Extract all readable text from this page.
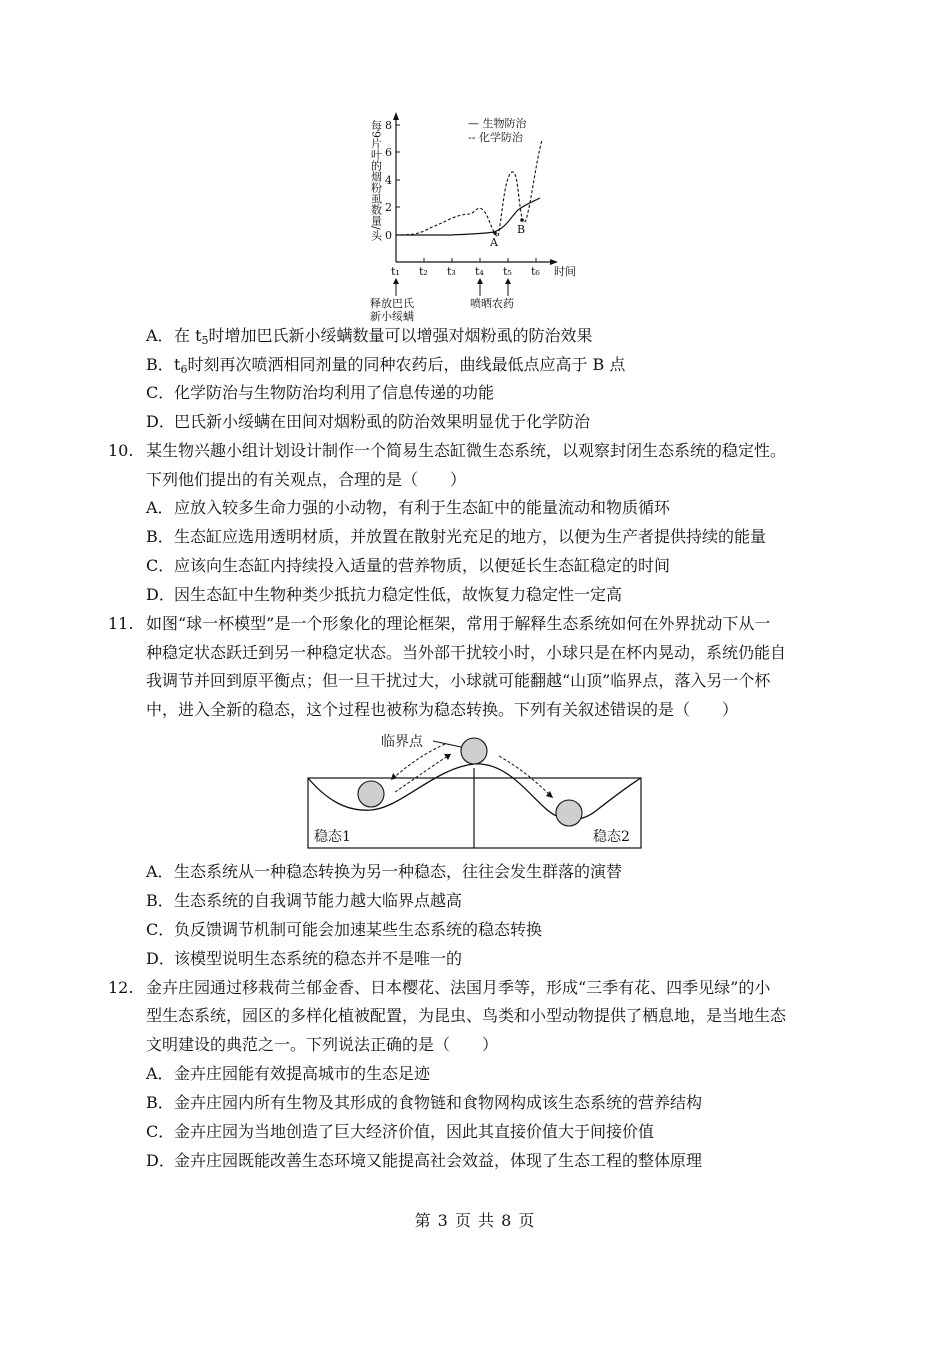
每9片叶的烟粉虱数量/头 0
2
4
6
8
t₁ t₂ t₃ t₄ t₅ t₆ 时间
— 生物防治
-- 化学防治
A
B
释放巴氏
新小绥螨
喷晒农药
A．在 $t_5$时增加巴氏新小绥螨数量可以增强对烟粉虱的防治效果
B．$t_6$时刻再次喷洒相同剂量的同种农药后，曲线最低点应高于 B 点
C．化学防治与生物防治均利用了信息传递的功能
D．巴氏新小绥螨在田间对烟粉虱的防治效果明显优于化学防治
10. 某生物兴趣小组计划设计制作一个简易生态缸微生态系统，以观察封闭生态系统的稳定性。
下列他们提出的有关观点，合理的是（　　）
A．应放入较多生命力强的小动物，有利于生态缸中的能量流动和物质循环
B．生态缸应选用透明材质，并放置在散射光充足的地方，以便为生产者提供持续的能量
C．应该向生态缸内持续投入适量的营养物质，以便延长生态缸稳定的时间
D．因生态缸中生物种类少抵抗力稳定性低，故恢复力稳定性一定高
11. 如图“球一杯模型”是一个形象化的理论框架，常用于解释生态系统如何在外界扰动下从一
种稳定状态跃迁到另一种稳定状态。当外部干扰较小时，小球只是在杯内晃动，系统仍能自
我调节并回到原平衡点；但一旦干扰过大，小球就可能翻越“山顶”临界点，落入另一个杯
中，进入全新的稳态，这个过程也被称为稳态转换。下列有关叙述错误的是（　　）
临界点
稳态1	稳态2
A．生态系统从一种稳态转换为另一种稳态，往往会发生群落的演替
B．生态系统的自我调节能力越大临界点越高
C．负反馈调节机制可能会加速某些生态系统的稳态转换
D．该模型说明生态系统的稳态并不是唯一的
12. 金卉庄园通过移栽荷兰郁金香、日本樱花、法国月季等，形成“三季有花、四季见绿”的小
型生态系统，园区的多样化植被配置，为昆虫、鸟类和小型动物提供了栖息地，是当地生态
文明建设的典范之一。下列说法正确的是（　　）
A．金卉庄园能有效提高城市的生态足迹
B．金卉庄园内所有生物及其形成的食物链和食物网构成该生态系统的营养结构
C．金卉庄园为当地创造了巨大经济价值，因此其直接价值大于间接价值
D．金卉庄园既能改善生态环境又能提高社会效益，体现了生态工程的整体原理
第 3 页 共 8 页
